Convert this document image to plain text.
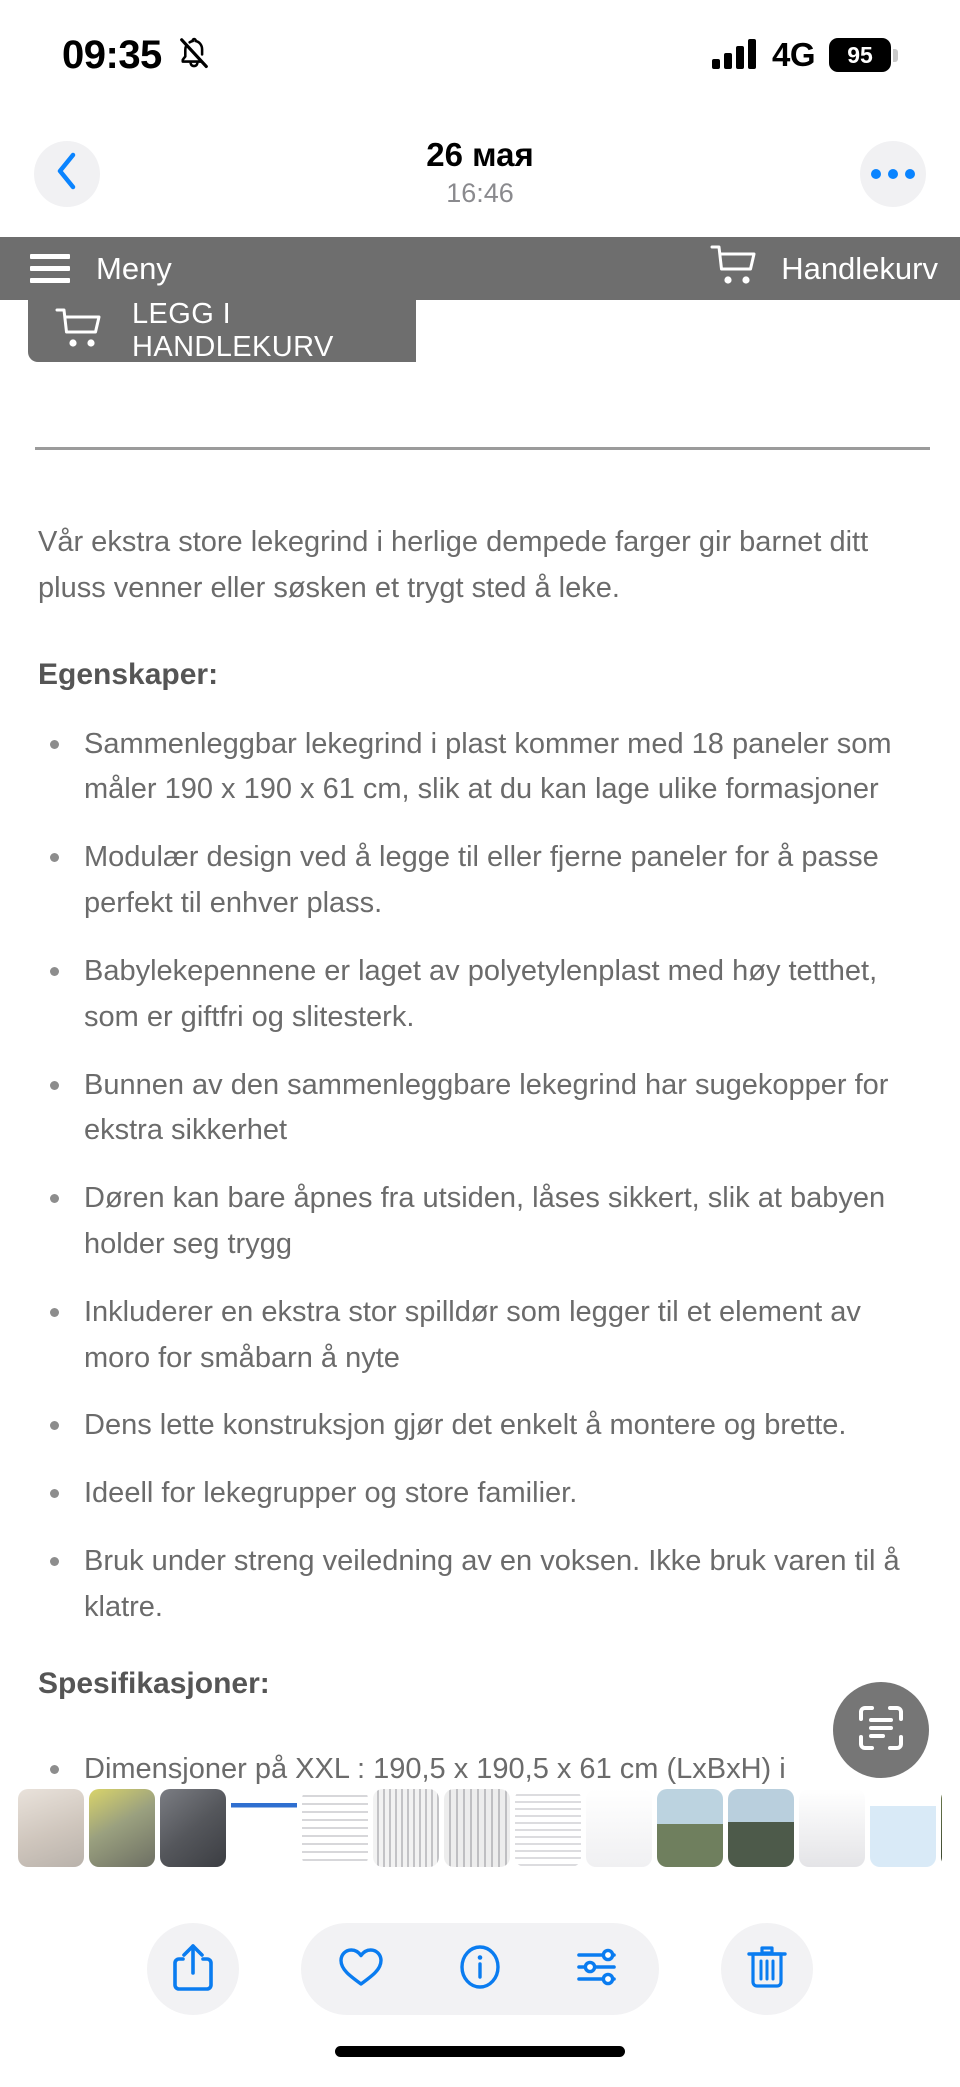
09:35	4G 95
26 мая
16:46
Meny	Handlekurv
LEGG I HANDLEKURV

Vår ekstra store lekegrind i herlige dempede farger gir barnet ditt pluss venner eller søsken et trygt sted å leke.

Egenskaper:
Sammenleggbar lekegrind i plast kommer med 18 paneler som måler 190 x 190 x 61 cm, slik at du kan lage ulike formasjoner
Modulær design ved å legge til eller fjerne paneler for å passe perfekt til enhver plass.
Babylekepennene er laget av polyetylenplast med høy tetthet, som er giftfri og slitesterk.
Bunnen av den sammenleggbare lekegrind har sugekopper for ekstra sikkerhet
Døren kan bare åpnes fra utsiden, låses sikkert, slik at babyen holder seg trygg
Inkluderer en ekstra stor spilldør som legger til et element av moro for småbarn å nyte
Dens lette konstruksjon gjør det enkelt å montere og brette.
Ideell for lekegrupper og store familier.
Bruk under streng veiledning av en voksen. Ikke bruk varen til å klatre.
Spesifikasjoner:
Dimensjoner på XXL : 190,5 x 190,5 x 61 cm (LxBxH) i
